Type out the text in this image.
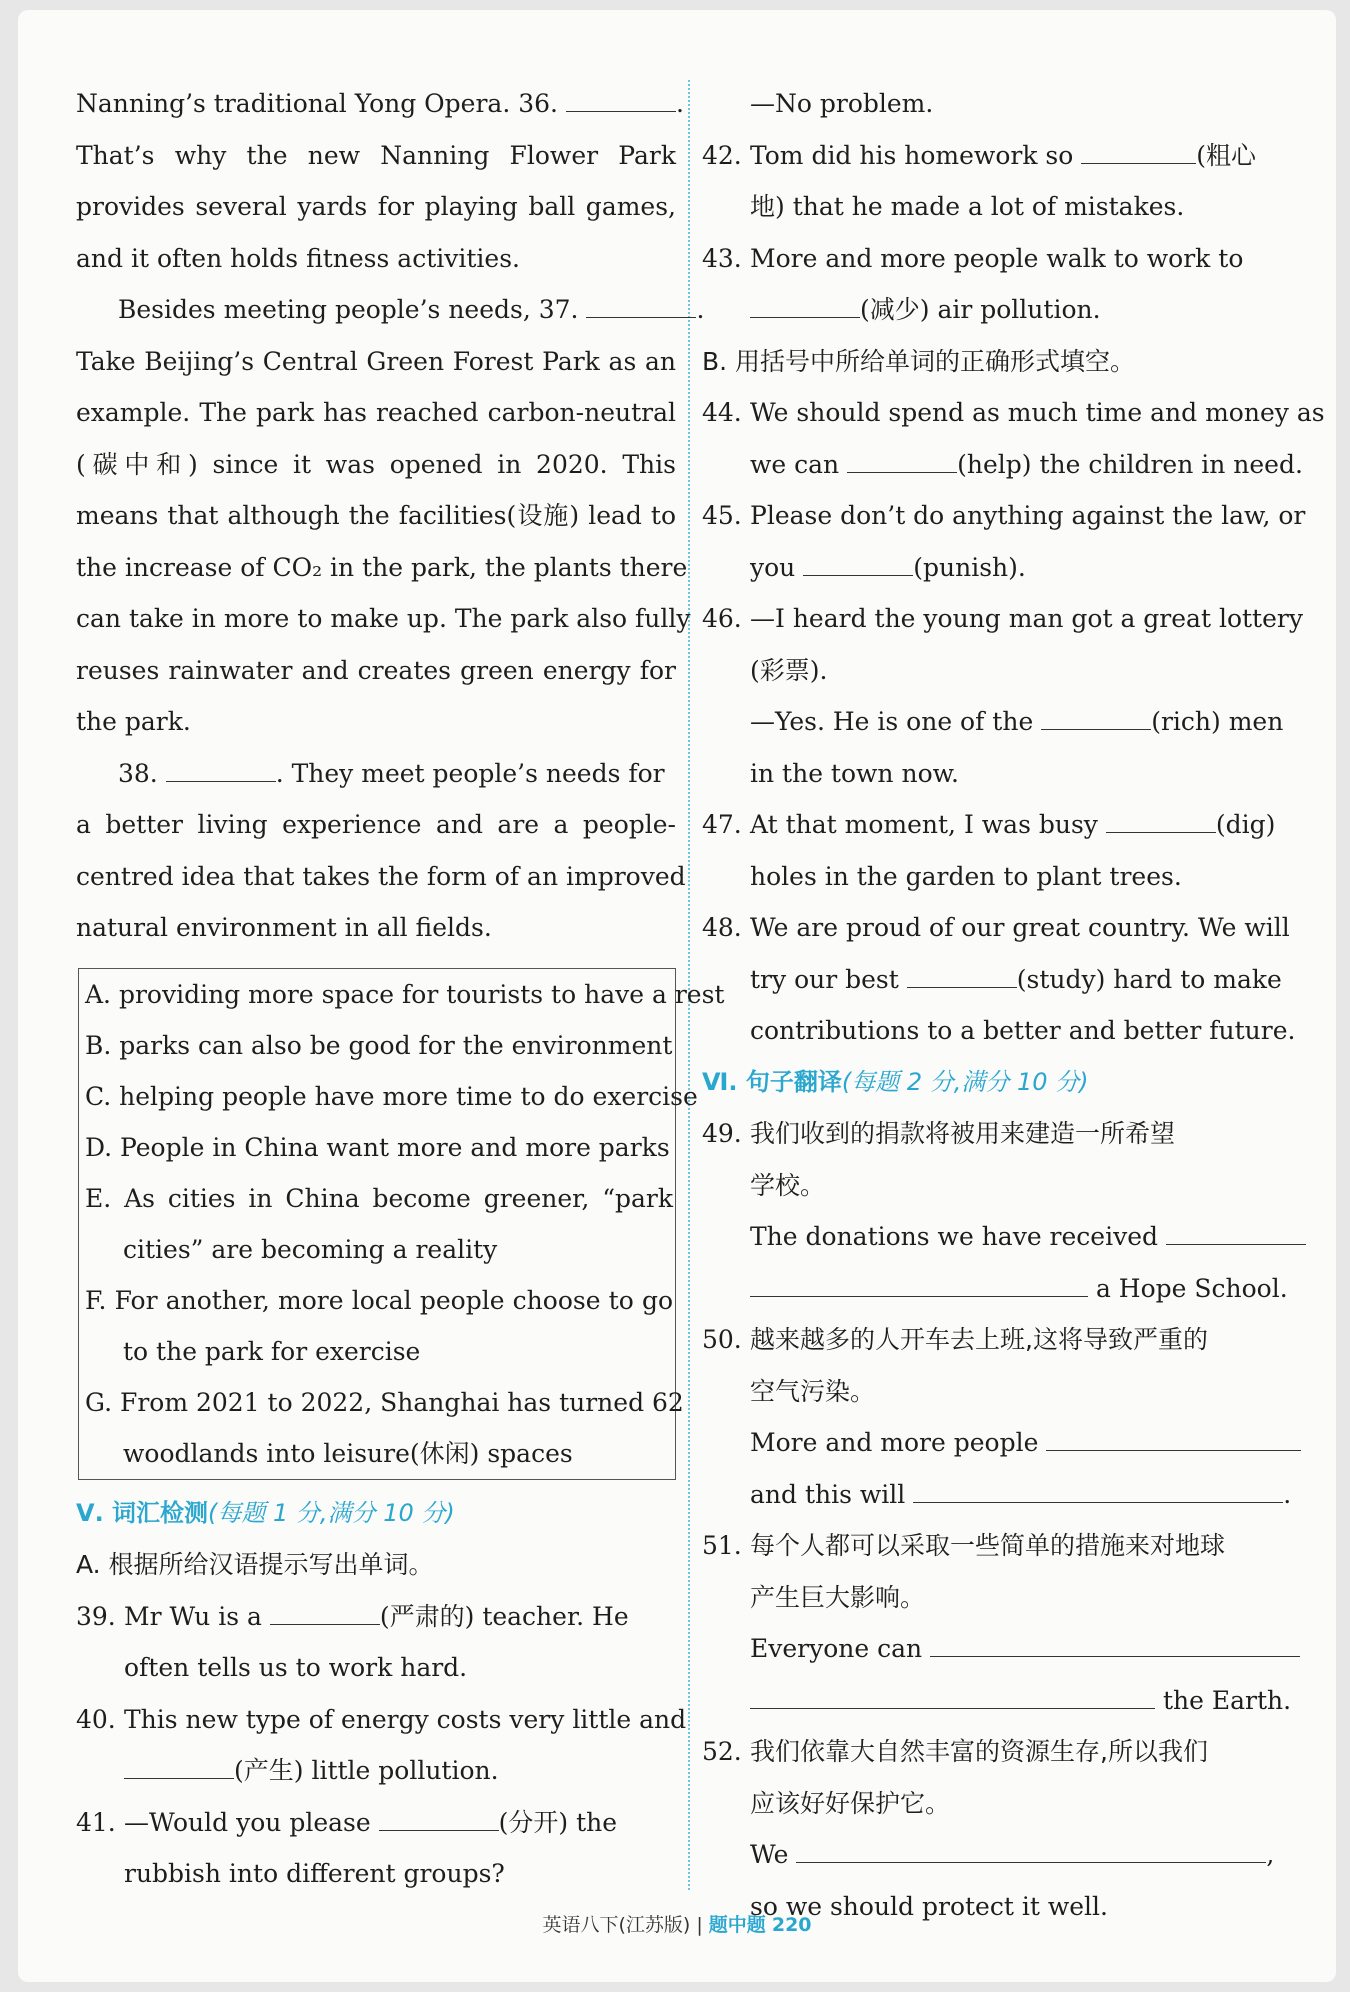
Nanning’s traditional Yong Opera. 36.	.
That’s why the new Nanning Flower Park
provides several yards for playing ball games,
and it often holds fitness activities.
Besides meeting people’s needs, 37.	.
Take Beijing’s Central Green Forest Park as an
example. The park has reached carbon-neutral
(碳中和) since it was opened in 2020. This
means that although the facilities(设施) lead to
the increase of CO₂ in the park, the plants there
can take in more to make up. The park also fully
reuses rainwater and creates green energy for
the park.
38.	. They meet people’s needs for
a better living experience and are a people-
centred idea that takes the form of an improved
natural environment in all fields.
A. providing more space for tourists to have a rest
B. parks can also be good for the environment
C. helping people have more time to do exercise
D. People in China want more and more parks
E. As cities in China become greener, “park
cities” are becoming a reality
F. For another, more local people choose to go
to the park for exercise
G. From 2021 to 2022, Shanghai has turned 62
woodlands into leisure(休闲) spaces
Ⅴ. 词汇检测(每题 1 分,满分 10 分)
A. 根据所给汉语提示写出单词。
39. Mr Wu is a	(严肃的) teacher. He
often tells us to work hard.
40. This new type of energy costs very little and
(产生) little pollution.
41. —Would you please	(分开) the
rubbish into different groups?
—No problem.
42. Tom did his homework so	(粗心
地) that he made a lot of mistakes.
43. More and more people walk to work to
(减少) air pollution.
B. 用括号中所给单词的正确形式填空。
44. We should spend as much time and money as
we can	(help) the children in need.
45. Please don’t do anything against the law, or
you	(punish).
46. —I heard the young man got a great lottery
(彩票).
—Yes. He is one of the	(rich) men
in the town now.
47. At that moment, I was busy	(dig)
holes in the garden to plant trees.
48. We are proud of our great country. We will
try our best	(study) hard to make
contributions to a better and better future.
Ⅵ. 句子翻译(每题 2 分,满分 10 分)
49. 我们收到的捐款将被用来建造一所希望
学校。
The donations we have received
a Hope School.
50. 越来越多的人开车去上班,这将导致严重的
空气污染。
More and more people
and this will	.
51. 每个人都可以采取一些简单的措施来对地球
产生巨大影响。
Everyone can
the Earth.
52. 我们依靠大自然丰富的资源生存,所以我们
应该好好保护它。
We	,
so we should protect it well.
英语八下(江苏版) | 题中题 220
